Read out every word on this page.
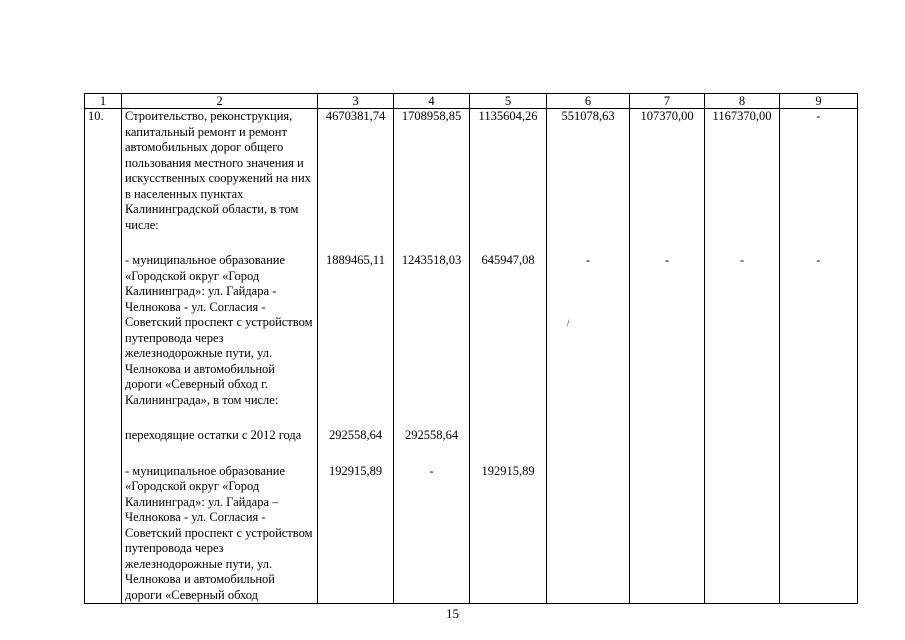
1	2	3	4	5	6	7	8	9
10.	Строительство, реконструкция, капитальный ремонт и ремонт автомобильных дорог общего пользования местного значения и искусственных сооружений на них в населенных пунктах Калининградской области, в том числе:	4670381,74	1708958,85	1135604,26	551078,63	107370,00	1167370,00	-

	- муниципальное образование «Городской округ «Город Калининград»: ул. Гайдара - Челнокова - ул. Согласия - Советский проспект с устройством путепровода через железнодорожные пути, ул. Челнокова и автомобильной дороги «Северный обход г. Калининграда», в том числе:	1889465,11	1243518,03	645947,08	-	-	-	-

	переходящие остатки с 2012 года	292558,64	292558,64					

	- муниципальное образование «Городской округ «Город Калининград»: ул. Гайдара – Челнокова - ул. Согласия - Советский проспект с устройством путепровода через железнодорожные пути, ул. Челнокова и автомобильной дороги «Северный обход	192915,89	-	192915,89				
/
15
